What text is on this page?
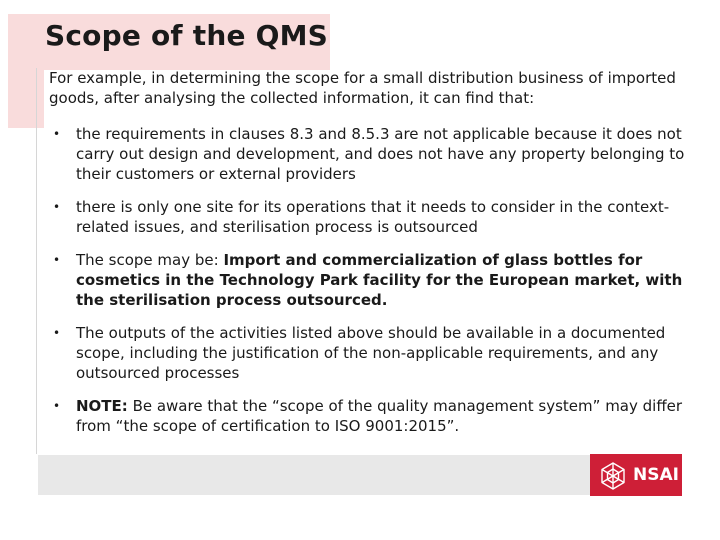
Scope of the QMS

For example, in determining the scope for a small distribution business of imported goods, after analysing the collected information, it can find that:

• the requirements in clauses 8.3 and 8.5.3 are not applicable because it does not carry out design and development, and does not have any property belonging to their customers or external providers
• there is only one site for its operations that it needs to consider in the context-related issues, and sterilisation process is outsourced
• The scope may be: Import and commercialization of glass bottles for cosmetics in the Technology Park facility for the European market, with the sterilisation process outsourced.
• The outputs of the activities listed above should be available in a documented scope, including the justification of the non-applicable requirements, and any outsourced processes
• NOTE: Be aware that the “scope of the quality management system” may differ from “the scope of certification to ISO 9001:2015”.
NSAI
